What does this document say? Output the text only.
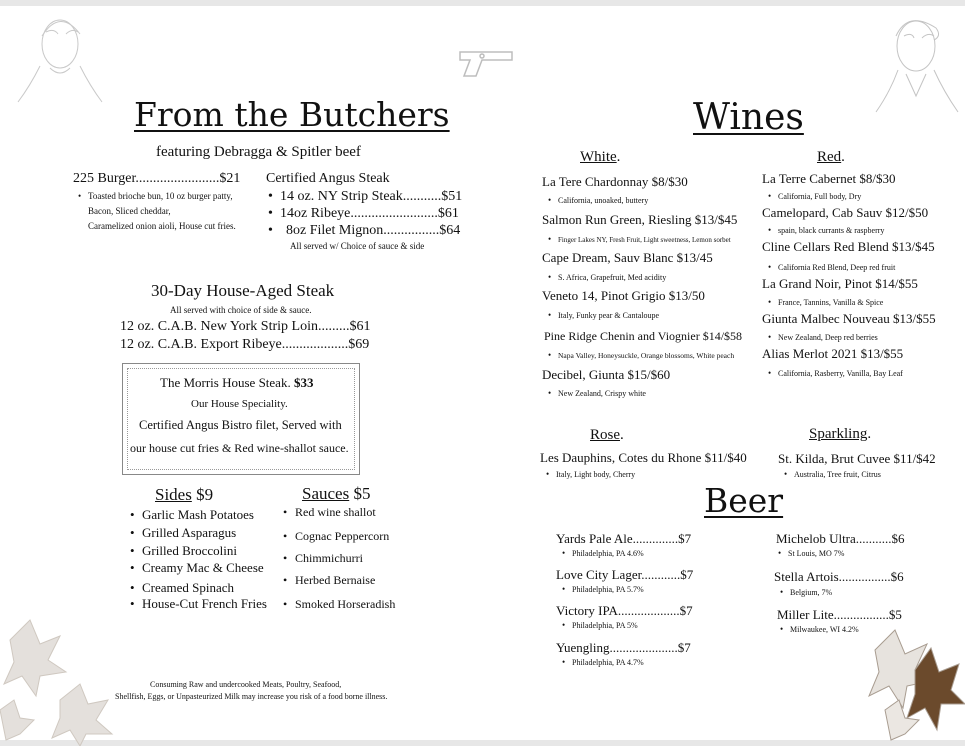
From the Butchers
featuring Debragga & Spitler beef
225 Burger........................$21
• Toasted brioche bun, 10 oz burger patty,
Bacon, Sliced cheddar,
Caramelized onion aioli, House cut fries.
Certified Angus Steak
• 14 oz. NY Strip Steak...........$51
• 14oz Ribeye.........................$61
• 8oz Filet Mignon................$64
All served w/ Choice of sauce & side
30-Day House-Aged Steak
All served with choice of side & sauce.
12 oz. C.A.B. New York Strip Loin.........$61
12 oz. C.A.B. Export Ribeye...................$69
The Morris House Steak. $33
Our House Speciality.
Certified Angus Bistro filet, Served with
our house cut fries & Red wine-shallot sauce.
Sides $9
• Garlic Mash Potatoes
• Grilled Asparagus
• Grilled Broccolini
• Creamy Mac & Cheese
• Creamed Spinach
• House-Cut French Fries
Sauces $5
• Red wine shallot
• Cognac Peppercorn
• Chimmichurri
• Herbed Bernaise
• Smoked Horseradish
Consuming Raw and undercooked Meats, Poultry, Seafood,
Shellfish, Eggs, or Unpasteurized Milk may increase you risk of a food borne illness.
Wines
White.
La Tere Chardonnay $8/$30
• California, unoaked, buttery
Salmon Run Green, Riesling $13/$45
• Finger Lakes NY, Fresh Fruit, Light sweetness, Lemon sorbet
Cape Dream, Sauv Blanc $13/45
• S. Africa, Grapefruit, Med acidity
Veneto 14, Pinot Grigio $13/50
• Italy, Funky pear & Cantaloupe
Pine Ridge Chenin and Viognier $14/$58
• Napa Valley, Honeysuckle, Orange blossoms, White peach
Decibel, Giunta $15/$60
• New Zealand, Crispy white
Red.
La Terre Cabernet $8/$30
• California, Full body, Dry
Camelopard, Cab Sauv $12/$50
• spain, black currants & raspberry
Cline Cellars Red Blend $13/$45
• California Red Blend, Deep red fruit
La Grand Noir, Pinot $14/$55
• France, Tannins, Vanilla & Spice
Giunta Malbec Nouveau $13/$55
• New Zealand, Deep red berries
Alias Merlot 2021 $13/$55
• California, Rasberry, Vanilla, Bay Leaf
Rose.
Les Dauphins, Cotes du Rhone $11/$40
• Italy, Light body, Cherry
Sparkling.
St. Kilda, Brut Cuvee $11/$42
• Australia, Tree fruit, Citrus
Beer
Yards Pale Ale..............$7
• Philadelphia, PA 4.6%
Love City Lager............$7
• Philadelphia, PA 5.7%
Victory IPA...................$7
• Philadelphia, PA 5%
Yuengling.....................$7
• Philadelphia, PA 4.7%
Michelob Ultra...........$6
• St Louis, MO 7%
Stella Artois................$6
• Belgium, 7%
Miller Lite.................$5
• Milwaukee, WI 4.2%
